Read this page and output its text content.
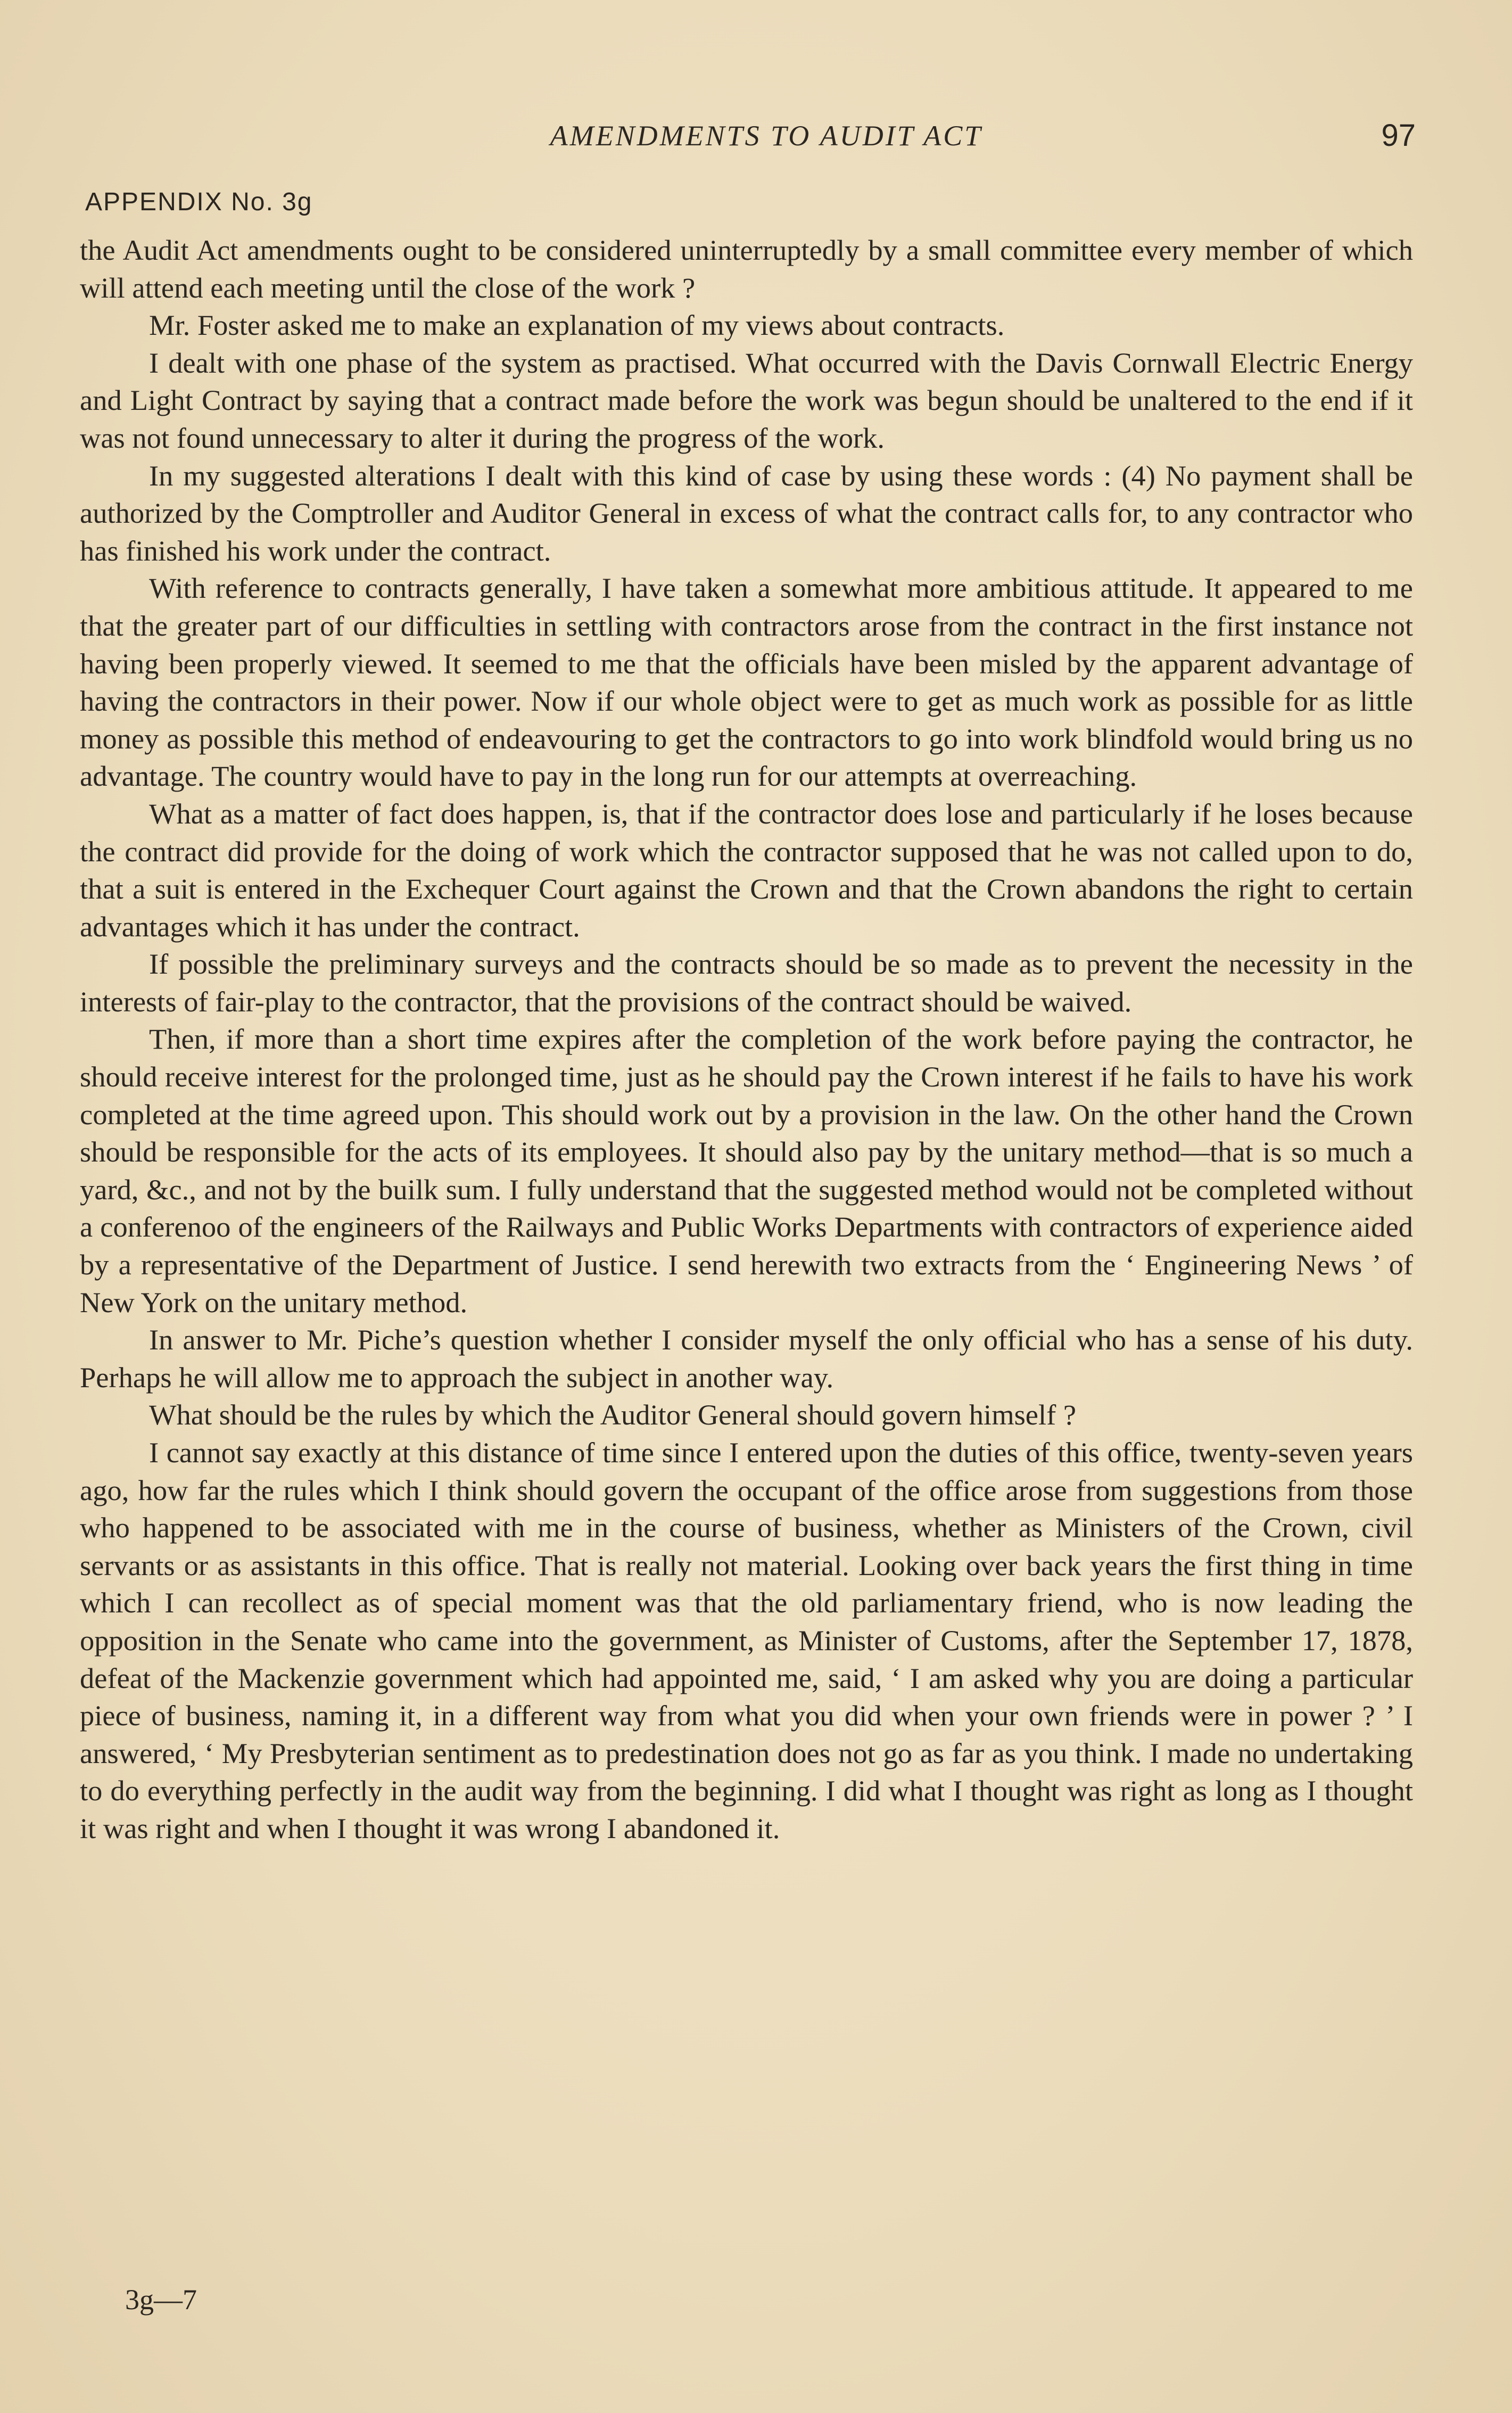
AMENDMENTS TO AUDIT ACT	97
APPENDIX No. 3g

the Audit Act amendments ought to be considered uninterruptedly by a small committee every member of which will attend each meeting until the close of the work ?

Mr. Foster asked me to make an explanation of my views about contracts.

I dealt with one phase of the system as practised. What occurred with the Davis Cornwall Electric Energy and Light Contract by saying that a contract made before the work was begun should be unaltered to the end if it was not found unnecessary to alter it during the progress of the work.

In my suggested alterations I dealt with this kind of case by using these words : (4) No payment shall be authorized by the Comptroller and Auditor General in excess of what the contract calls for, to any contractor who has finished his work under the contract.

With reference to contracts generally, I have taken a somewhat more ambitious attitude. It appeared to me that the greater part of our difficulties in settling with contractors arose from the contract in the first instance not having been properly viewed. It seemed to me that the officials have been misled by the apparent advantage of having the contractors in their power. Now if our whole object were to get as much work as possible for as little money as possible this method of endeavouring to get the contractors to go into work blindfold would bring us no advantage. The country would have to pay in the long run for our attempts at overreaching.

What as a matter of fact does happen, is, that if the contractor does lose and particularly if he loses because the contract did provide for the doing of work which the contractor supposed that he was not called upon to do, that a suit is entered in the Exchequer Court against the Crown and that the Crown abandons the right to certain advantages which it has under the contract.

If possible the preliminary surveys and the contracts should be so made as to prevent the necessity in the interests of fair-play to the contractor, that the provisions of the contract should be waived.

Then, if more than a short time expires after the completion of the work before paying the contractor, he should receive interest for the prolonged time, just as he should pay the Crown interest if he fails to have his work completed at the time agreed upon. This should work out by a provision in the law. On the other hand the Crown should be responsible for the acts of its employees. It should also pay by the unitary method—that is so much a yard, &c., and not by the builk sum. I fully understand that the suggested method would not be completed without a conferenoo of the engineers of the Railways and Public Works Departments with contractors of experience aided by a representative of the Department of Justice. I send herewith two extracts from the ‘ Engineering News ’ of New York on the unitary method.

In answer to Mr. Piche’s question whether I consider myself the only official who has a sense of his duty. Perhaps he will allow me to approach the subject in another way.

What should be the rules by which the Auditor General should govern himself ?

I cannot say exactly at this distance of time since I entered upon the duties of this office, twenty-seven years ago, how far the rules which I think should govern the occupant of the office arose from suggestions from those who happened to be associated with me in the course of business, whether as Ministers of the Crown, civil servants or as assistants in this office. That is really not material. Looking over back years the first thing in time which I can recollect as of special moment was that the old parliamentary friend, who is now leading the opposition in the Senate who came into the government, as Minister of Customs, after the September 17, 1878, defeat of the Mackenzie government which had appointed me, said, ‘ I am asked why you are doing a particular piece of business, naming it, in a different way from what you did when your own friends were in power ? ’ I answered, ‘ My Presbyterian sentiment as to predestination does not go as far as you think. I made no undertaking to do everything perfectly in the audit way from the beginning. I did what I thought was right as long as I thought it was right and when I thought it was wrong I abandoned it.

3g—7
